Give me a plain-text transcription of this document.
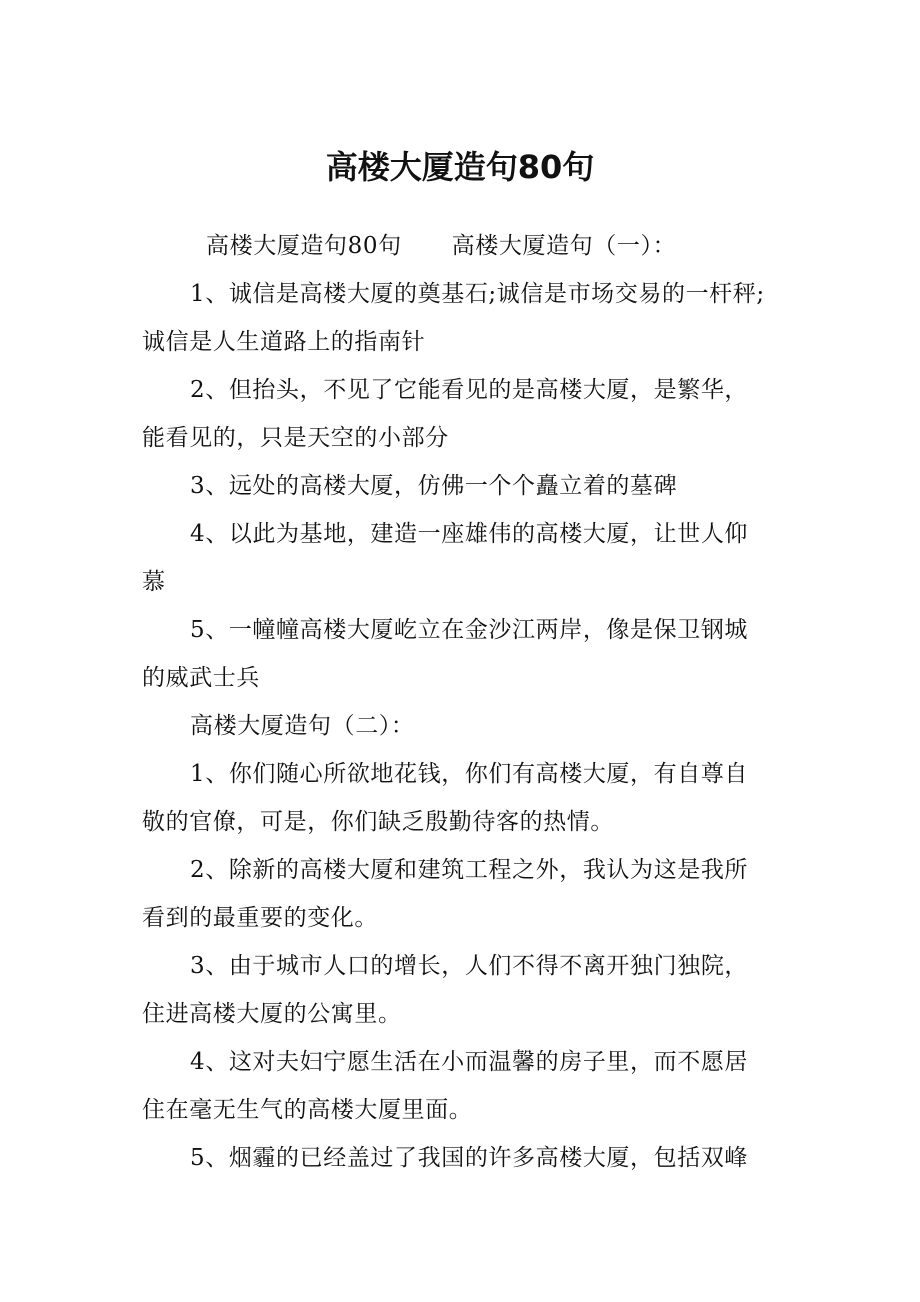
高楼大厦造句80句

高楼大厦造句80句 高楼大厦造句（一）：

1、诚信是高楼大厦的奠基石;诚信是市场交易的一杆秤;诚信是人生道路上的指南针

2、但抬头，不见了它能看见的是高楼大厦，是繁华，能看见的，只是天空的小部分

3、远处的高楼大厦，仿佛一个个矗立着的墓碑

4、以此为基地，建造一座雄伟的高楼大厦，让世人仰慕

5、一幢幢高楼大厦屹立在金沙江两岸，像是保卫钢城的威武士兵

高楼大厦造句（二）：

1、你们随心所欲地花钱，你们有高楼大厦，有自尊自敬的官僚，可是，你们缺乏殷勤待客的热情。

2、除新的高楼大厦和建筑工程之外，我认为这是我所看到的最重要的变化。

3、由于城市人口的增长，人们不得不离开独门独院，住进高楼大厦的公寓里。

4、这对夫妇宁愿生活在小而温馨的房子里，而不愿居住在毫无生气的高楼大厦里面。

5、烟霾的已经盖过了我国的许多高楼大厦，包括双峰
